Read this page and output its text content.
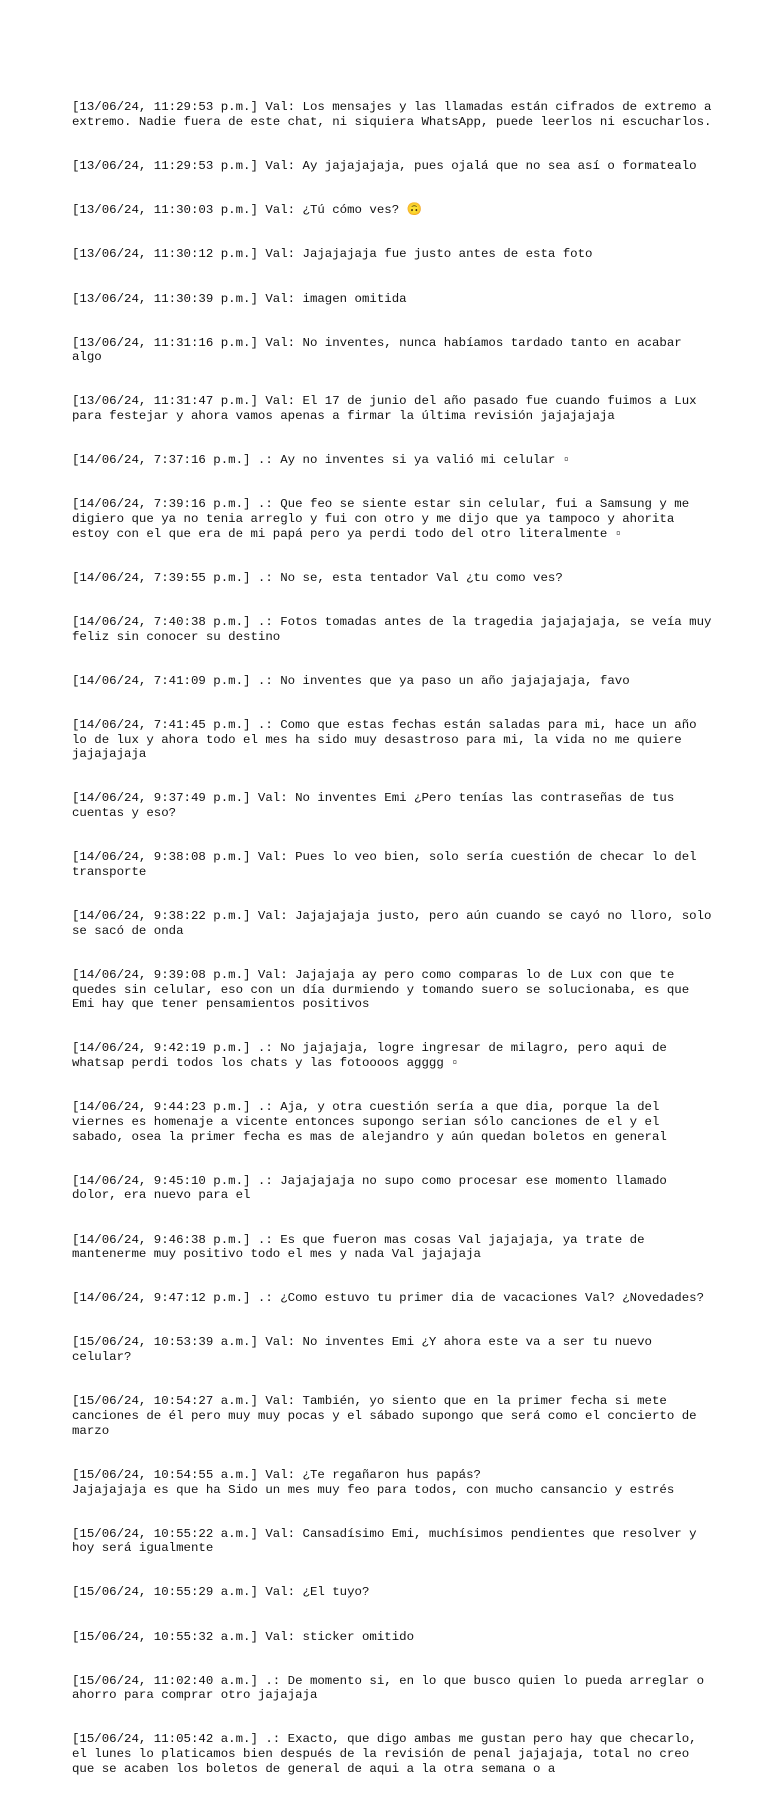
[13/06/24, 11:29:53 p.m.] Val: Los mensajes y las llamadas están cifrados de extremo a extremo. Nadie fuera de este chat, ni siquiera WhatsApp, puede leerlos ni escucharlos.

[13/06/24, 11:29:53 p.m.] Val: Ay jajajajaja, pues ojalá que no sea así o formatealo

[13/06/24, 11:30:03 p.m.] Val: ¿Tú cómo ves? 🙃

[13/06/24, 11:30:12 p.m.] Val: Jajajajaja fue justo antes de esta foto

[13/06/24, 11:30:39 p.m.] Val: imagen omitida

[13/06/24, 11:31:16 p.m.] Val: No inventes, nunca habíamos tardado tanto en acabar algo

[13/06/24, 11:31:47 p.m.] Val: El 17 de junio del año pasado fue cuando fuimos a Lux para festejar y ahora vamos apenas a firmar la última revisión jajajajaja

[14/06/24, 7:37:16 p.m.] .: Ay no inventes si ya valió mi celular ▫

[14/06/24, 7:39:16 p.m.] .: Que feo se siente estar sin celular, fui a Samsung y me digiero que ya no tenia arreglo y fui con otro y me dijo que ya tampoco y ahorita estoy con el que era de mi papá pero ya perdi todo del otro literalmente ▫

[14/06/24, 7:39:55 p.m.] .: No se, esta tentador Val ¿tu como ves?

[14/06/24, 7:40:38 p.m.] .: Fotos tomadas antes de la tragedia jajajajaja, se veía muy feliz sin conocer su destino

[14/06/24, 7:41:09 p.m.] .: No inventes que ya paso un año jajajajaja, favo

[14/06/24, 7:41:45 p.m.] .: Como que estas fechas están saladas para mi, hace un año lo de lux y ahora todo el mes ha sido muy desastroso para mi, la vida no me quiere jajajajaja

[14/06/24, 9:37:49 p.m.] Val: No inventes Emi ¿Pero tenías las contraseñas de tus cuentas y eso?

[14/06/24, 9:38:08 p.m.] Val: Pues lo veo bien, solo sería cuestión de checar lo del transporte

[14/06/24, 9:38:22 p.m.] Val: Jajajajaja justo, pero aún cuando se cayó no lloro, solo se sacó de onda

[14/06/24, 9:39:08 p.m.] Val: Jajajaja ay pero como comparas lo de Lux con que te quedes sin celular, eso con un día durmiendo y tomando suero se solucionaba, es que Emi hay que tener pensamientos positivos

[14/06/24, 9:42:19 p.m.] .: No jajajaja, logre ingresar de milagro, pero aqui de whatsap perdi todos los chats y las fotoooos agggg ▫

[14/06/24, 9:44:23 p.m.] .: Aja, y otra cuestión sería a que dia, porque la del viernes es homenaje a vicente entonces supongo serian sólo canciones de el y el sabado, osea la primer fecha es mas de alejandro y aún quedan boletos en general

[14/06/24, 9:45:10 p.m.] .: Jajajajaja no supo como procesar ese momento llamado dolor, era nuevo para el

[14/06/24, 9:46:38 p.m.] .: Es que fueron mas cosas Val jajajaja, ya trate de mantenerme muy positivo todo el mes y nada Val jajajaja

[14/06/24, 9:47:12 p.m.] .: ¿Como estuvo tu primer dia de vacaciones Val? ¿Novedades?

[15/06/24, 10:53:39 a.m.] Val: No inventes Emi ¿Y ahora este va a ser tu nuevo celular?

[15/06/24, 10:54:27 a.m.] Val: También, yo siento que en la primer fecha si mete canciones de él pero muy muy pocas y el sábado supongo que será como el concierto de marzo

[15/06/24, 10:54:55 a.m.] Val: ¿Te regañaron hus papás?
Jajajajaja es que ha Sido un mes muy feo para todos, con mucho cansancio y estrés

[15/06/24, 10:55:22 a.m.] Val: Cansadísimo Emi, muchísimos pendientes que resolver y hoy será igualmente

[15/06/24, 10:55:29 a.m.] Val: ¿El tuyo?

[15/06/24, 10:55:32 a.m.] Val: sticker omitido

[15/06/24, 11:02:40 a.m.] .: De momento si, en lo que busco quien lo pueda arreglar o ahorro para comprar otro jajajaja

[15/06/24, 11:05:42 a.m.] .: Exacto, que digo ambas me gustan pero hay que checarlo, el lunes lo platicamos bien después de la revisión de penal jajajaja, total no creo que se acaben los boletos de general de aqui a la otra semana o a
